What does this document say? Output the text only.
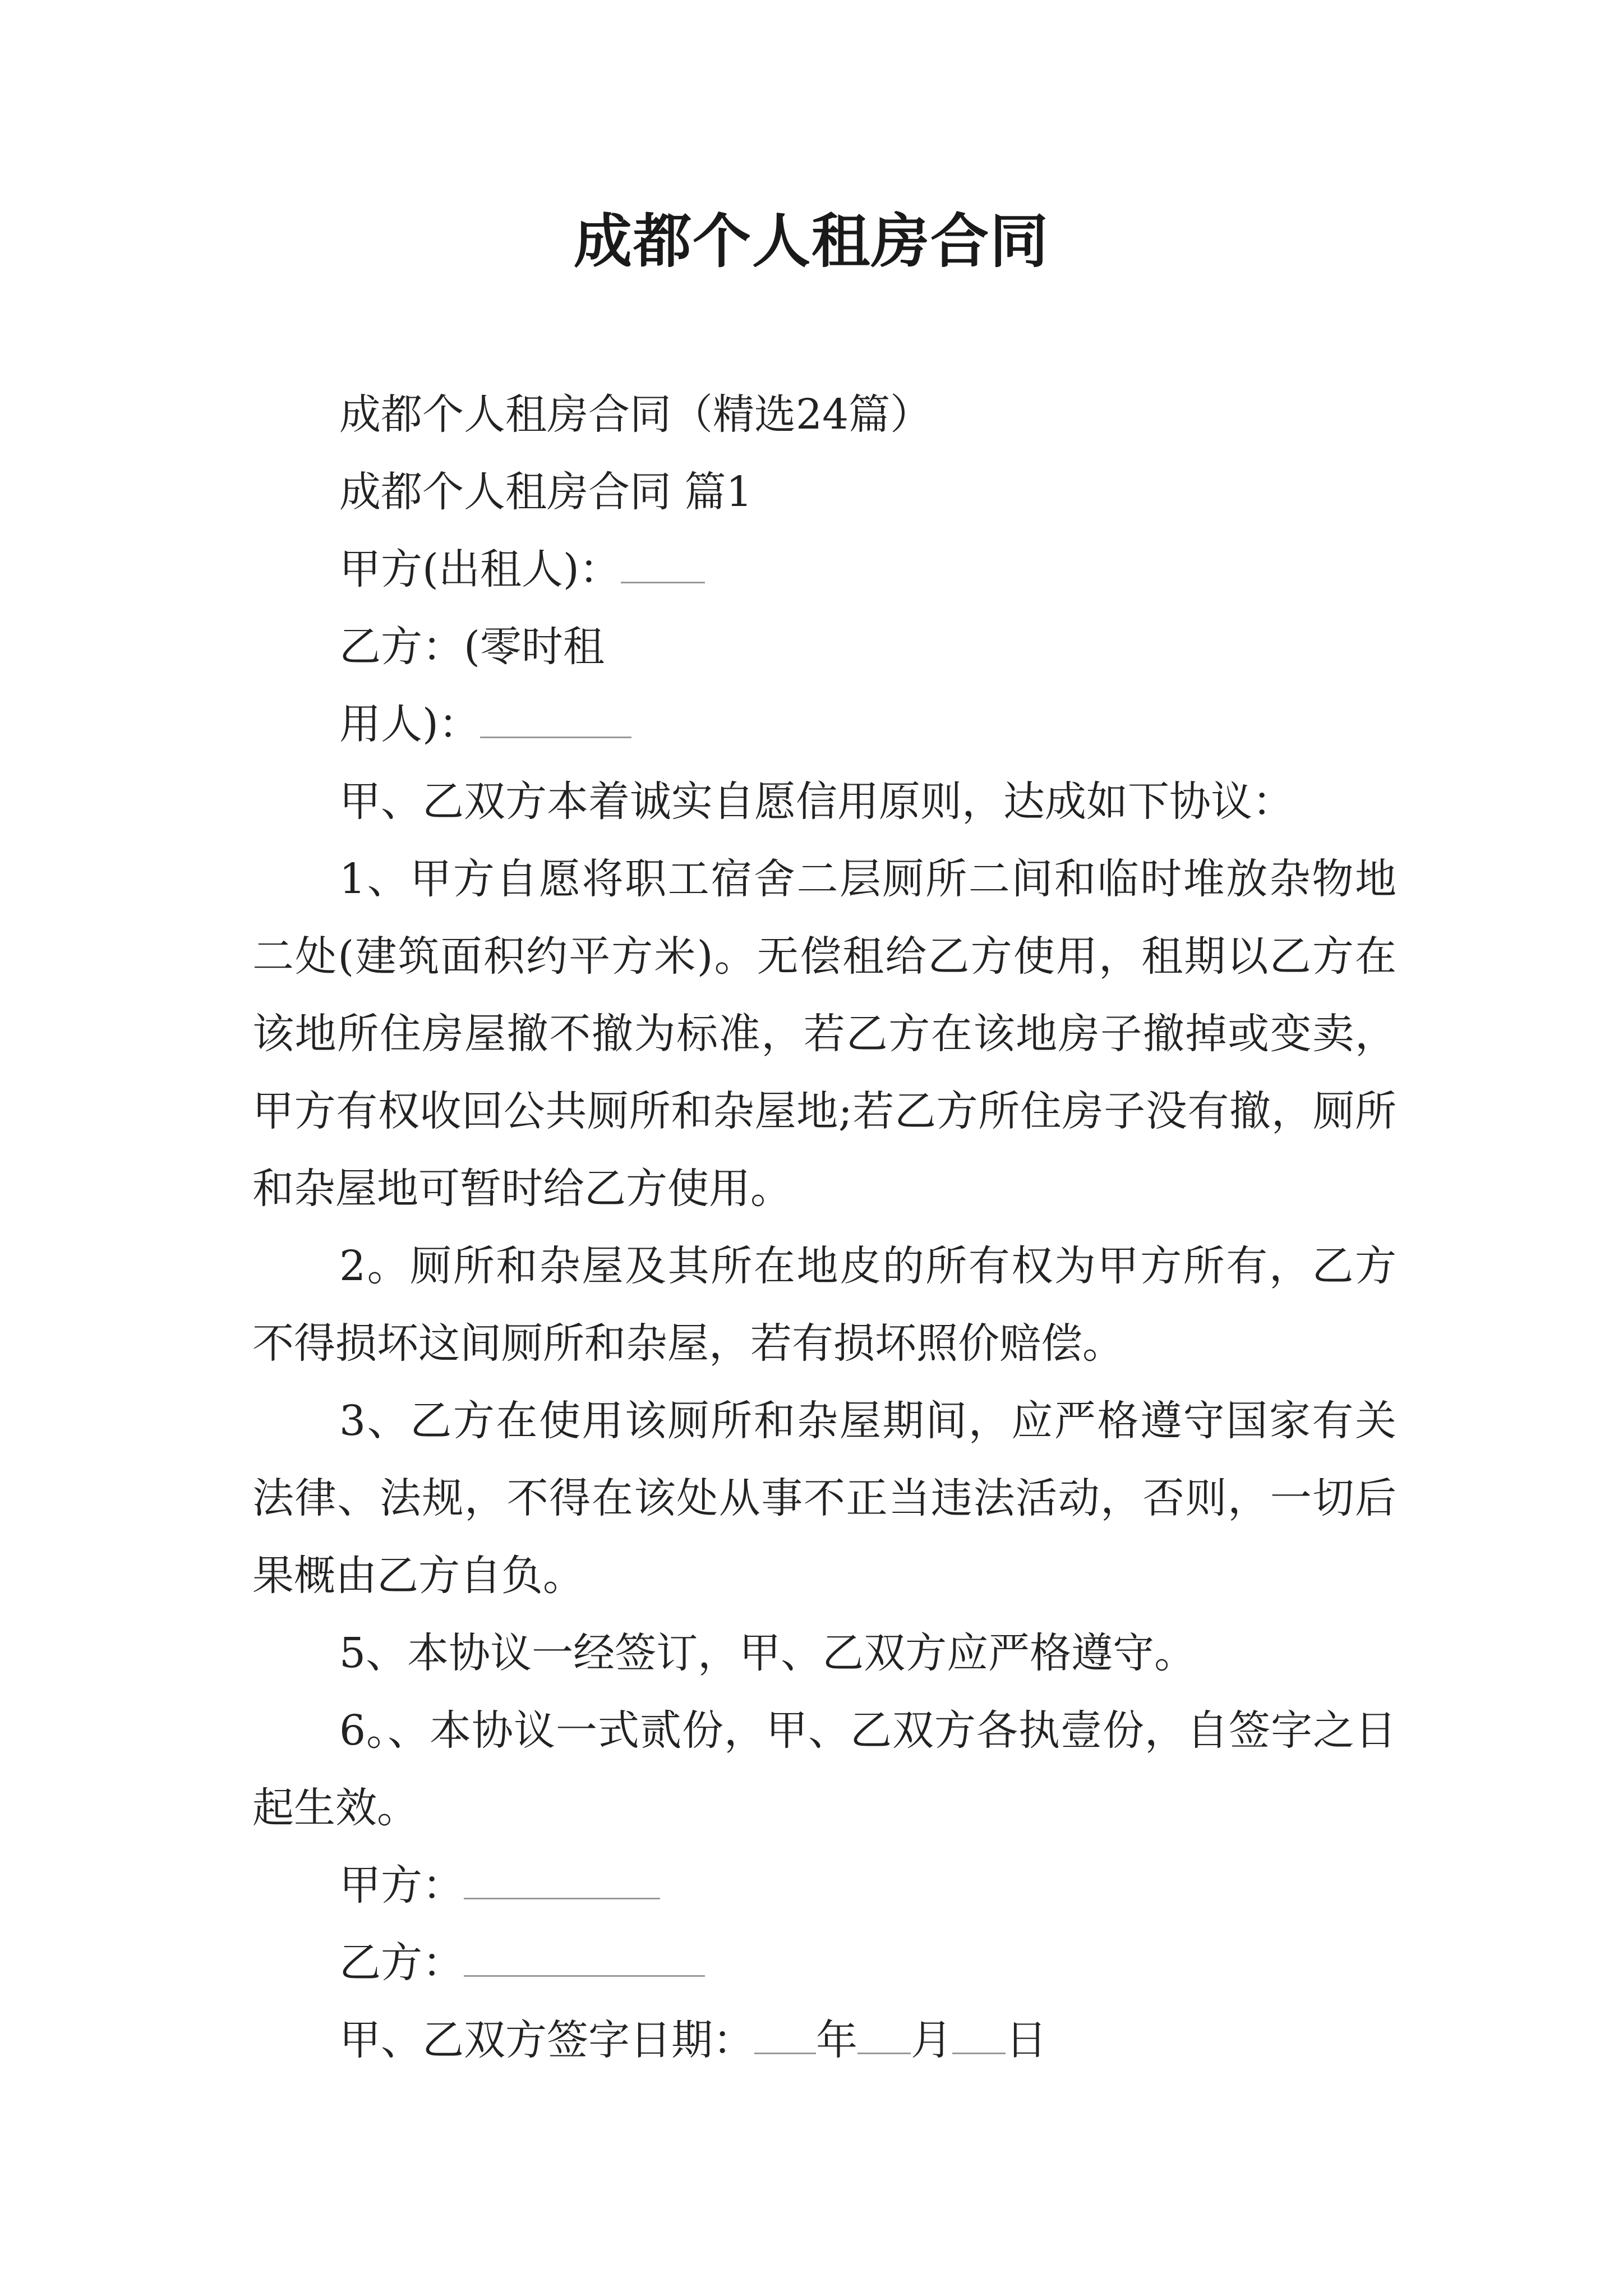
成都个人租房合同
成都个人租房合同（精选24篇）
成都个人租房合同 篇1
甲方(出租人)：
乙方：(零时租
用人)：
甲、乙双方本着诚实自愿信用原则，达成如下协议：

1、甲方自愿将职工宿舍二层厕所二间和临时堆放杂物地二处(建筑面积约平方米)。无偿租给乙方使用，租期以乙方在该地所住房屋撤不撤为标准，若乙方在该地房子撤掉或变卖，甲方有权收回公共厕所和杂屋地;若乙方所住房子没有撤，厕所和杂屋地可暂时给乙方使用。

2。厕所和杂屋及其所在地皮的所有权为甲方所有，乙方不得损坏这间厕所和杂屋，若有损坏照价赔偿。

3、乙方在使用该厕所和杂屋期间，应严格遵守国家有关法律、法规，不得在该处从事不正当违法活动，否则，一切后果概由乙方自负。

5、本协议一经签订，甲、乙双方应严格遵守。

6。、本协议一式贰份，甲、乙双方各执壹份，自签字之日起生效。

甲方：
乙方：
甲、乙双方签字日期： 年 月 日
